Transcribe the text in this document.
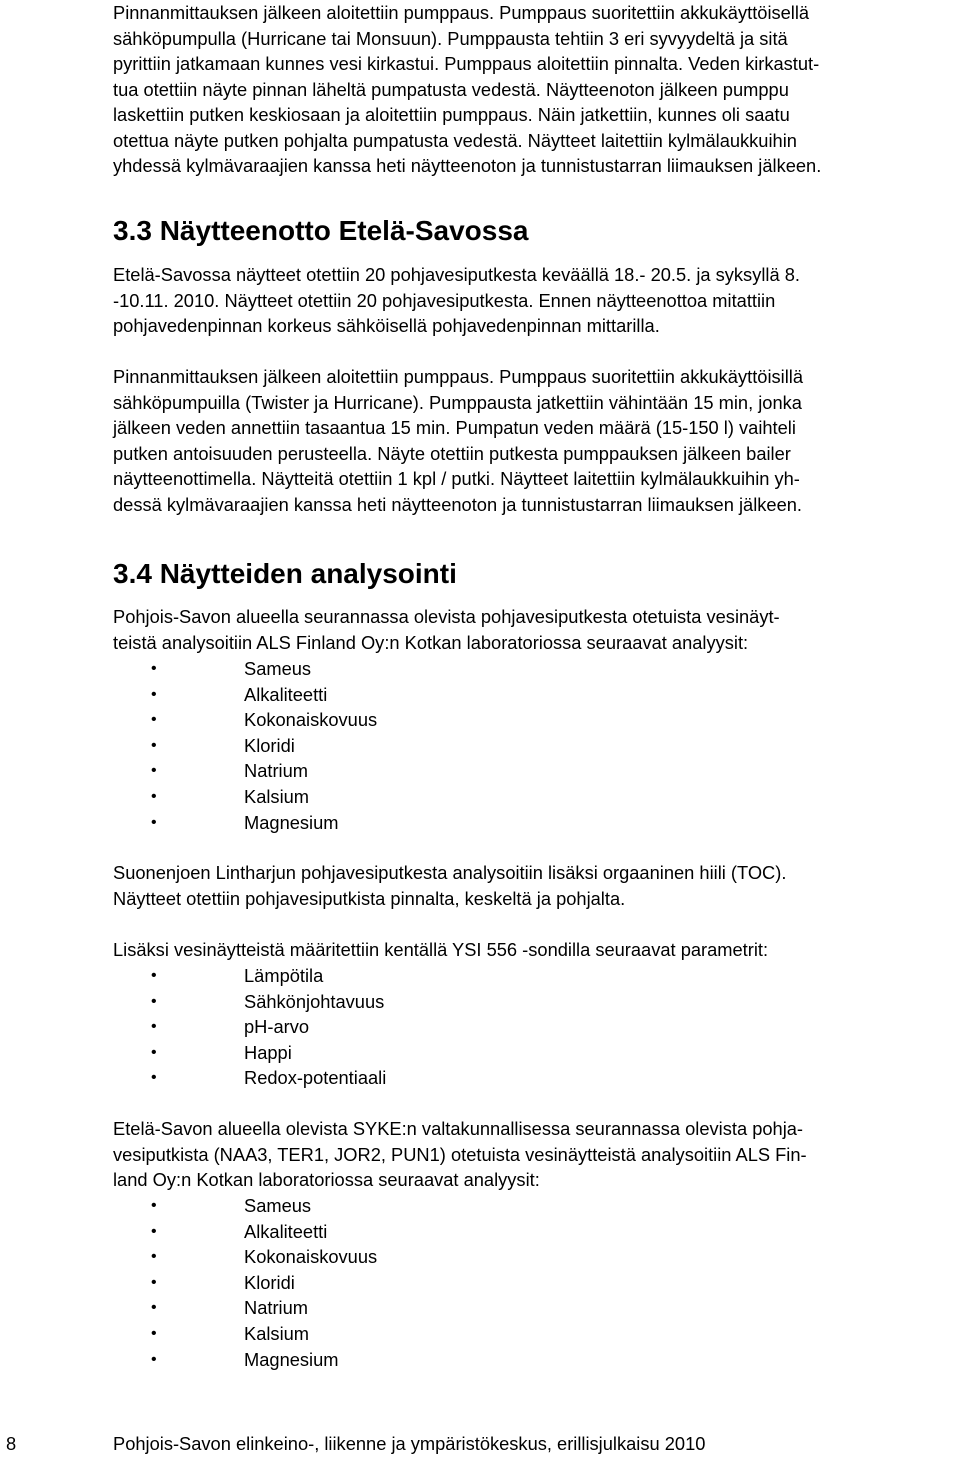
Pinnanmittauksen jälkeen aloitettiin pumppaus. Pumppaus suoritettiin akkukäyttöisellä
sähköpumpulla (Hurricane tai Monsuun). Pumppausta tehtiin 3 eri syvyydeltä ja sitä
pyrittiin jatkamaan kunnes vesi kirkastui. Pumppaus aloitettiin pinnalta. Veden kirkastut-
tua otettiin näyte pinnan läheltä pumpatusta vedestä. Näytteenoton jälkeen pumppu
laskettiin putken keskiosaan ja aloitettiin pumppaus. Näin jatkettiin, kunnes oli saatu
otettua näyte putken pohjalta pumpatusta vedestä. Näytteet laitettiin kylmälaukkuihin
yhdessä kylmävaraajien kanssa heti näytteenoton ja tunnistustarran liimauksen jälkeen.

3.3 Näytteenotto Etelä-Savossa

Etelä-Savossa näytteet otettiin 20 pohjavesiputkesta keväällä 18.- 20.5. ja syksyllä 8.
-10.11. 2010. Näytteet otettiin 20 pohjavesiputkesta. Ennen näytteenottoa mitattiin
pohjavedenpinnan korkeus sähköisellä pohjavedenpinnan mittarilla.

Pinnanmittauksen jälkeen aloitettiin pumppaus. Pumppaus suoritettiin akkukäyttöisillä
sähköpumpuilla (Twister ja Hurricane). Pumppausta jatkettiin vähintään 15 min, jonka
jälkeen veden annettiin tasaantua 15 min. Pumpatun veden määrä (15-150 l) vaihteli
putken antoisuuden perusteella. Näyte otettiin putkesta pumppauksen jälkeen bailer
näytteenottimella. Näytteitä otettiin 1 kpl / putki. Näytteet laitettiin kylmälaukkuihin yh-
dessä kylmävaraajien kanssa heti näytteenoton ja tunnistustarran liimauksen jälkeen.

3.4 Näytteiden analysointi

Pohjois-Savon alueella seurannassa olevista pohjavesiputkesta otetuista vesinäyt-
teistä analysoitiin ALS Finland Oy:n Kotkan laboratoriossa seuraavat analyysit:

• Sameus
• Alkaliteetti
• Kokonaiskovuus
• Kloridi
• Natrium
• Kalsium
• Magnesium

Suonenjoen Lintharjun pohjavesiputkesta analysoitiin lisäksi orgaaninen hiili (TOC).
Näytteet otettiin pohjavesiputkista pinnalta, keskeltä ja pohjalta.

Lisäksi vesinäytteistä määritettiin kentällä YSI 556 -sondilla seuraavat parametrit:

• Lämpötila
• Sähkönjohtavuus
• pH-arvo
• Happi
• Redox-potentiaali

Etelä-Savon alueella olevista SYKE:n valtakunnallisessa seurannassa olevista pohja-
vesiputkista (NAA3, TER1, JOR2, PUN1) otetuista vesinäytteistä analysoitiin ALS Fin-
land Oy:n Kotkan laboratoriossa seuraavat analyysit:

• Sameus
• Alkaliteetti
• Kokonaiskovuus
• Kloridi
• Natrium
• Kalsium
• Magnesium
8	Pohjois-Savon elinkeino-, liikenne ja ympäristökeskus, erillisjulkaisu 2010
